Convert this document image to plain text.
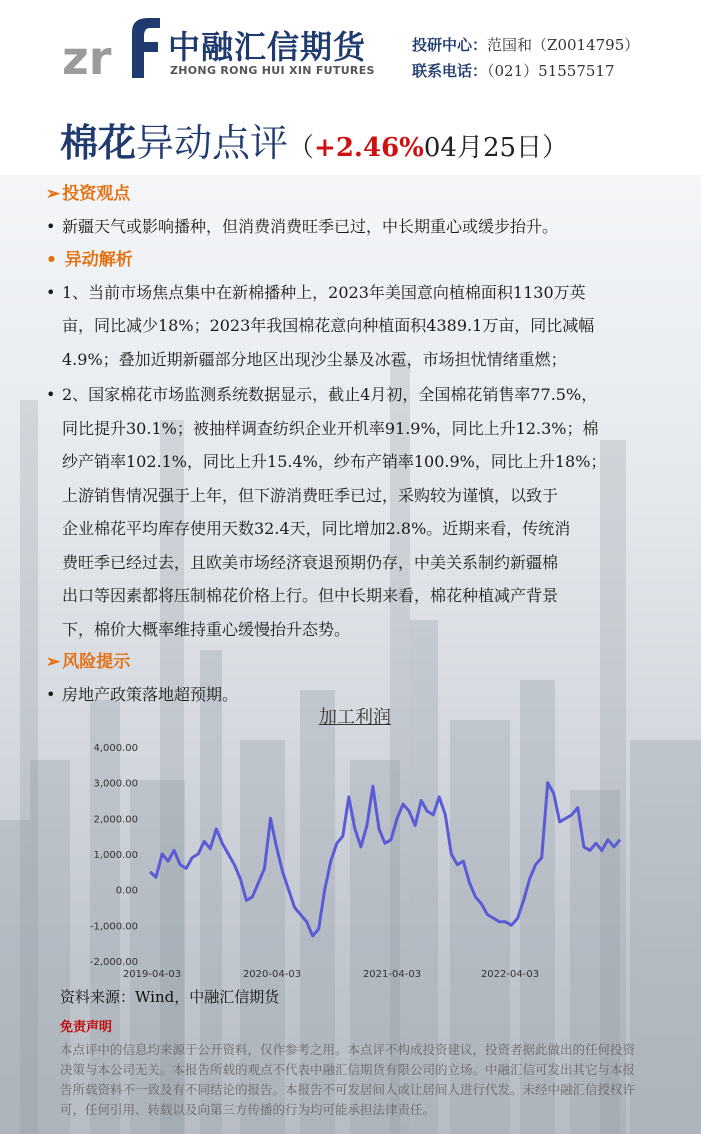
zr 中融汇信期货
ZHONG RONG HUI XIN FUTURES
投研中心：范国和（Z0014795）
联系电话：（021）51557517
棉花异动点评（+2.46%04月25日）
➢ 投资观点
• 新疆天气或影响播种，但消费消费旺季已过，中长期重心或缓步抬升。
• 异动解析
• 1、当前市场焦点集中在新棉播种上，2023年美国意向植棉面积1130万英
亩，同比减少18%；2023年我国棉花意向种植面积4389.1万亩，同比减幅
4.9%；叠加近期新疆部分地区出现沙尘暴及冰雹，市场担忧情绪重燃；
• 2、国家棉花市场监测系统数据显示，截止4月初，全国棉花销售率77.5%，
同比提升30.1%；被抽样调查纺织企业开机率91.9%，同比上升12.3%；棉
纱产销率102.1%，同比上升15.4%，纱布产销率100.9%，同比上升18%；
上游销售情况强于上年，但下游消费旺季已过，采购较为谨慎，以致于
企业棉花平均库存使用天数32.4天，同比增加2.8%。近期来看，传统消
费旺季已经过去，且欧美市场经济衰退预期仍存，中美关系制约新疆棉
出口等因素都将压制棉花价格上行。但中长期来看，棉花种植减产背景
下，棉价大概率维持重心缓慢抬升态势。
➢ 风险提示
• 房地产政策落地超预期。
加工利润
4,000.00
3,000.00
2,000.00
1,000.00
0.00
-1,000.00
-2,000.00
2019-04-03	2020-04-03	2021-04-03	2022-04-03
资料来源：Wind，中融汇信期货
免责声明
本点评中的信息均来源于公开资料，仅作参考之用。本点评不构成投资建议，投资者据此做出的任何投资决策与本公司无关。本报告所载的观点不代表中融汇信期货有限公司的立场。中融汇信可发出其它与本报告所载资料不一致及有不同结论的报告。本报告不可发居间人或让居间人进行代发。未经中融汇信授权许可，任何引用、转载以及向第三方传播的行为均可能承担法律责任。
